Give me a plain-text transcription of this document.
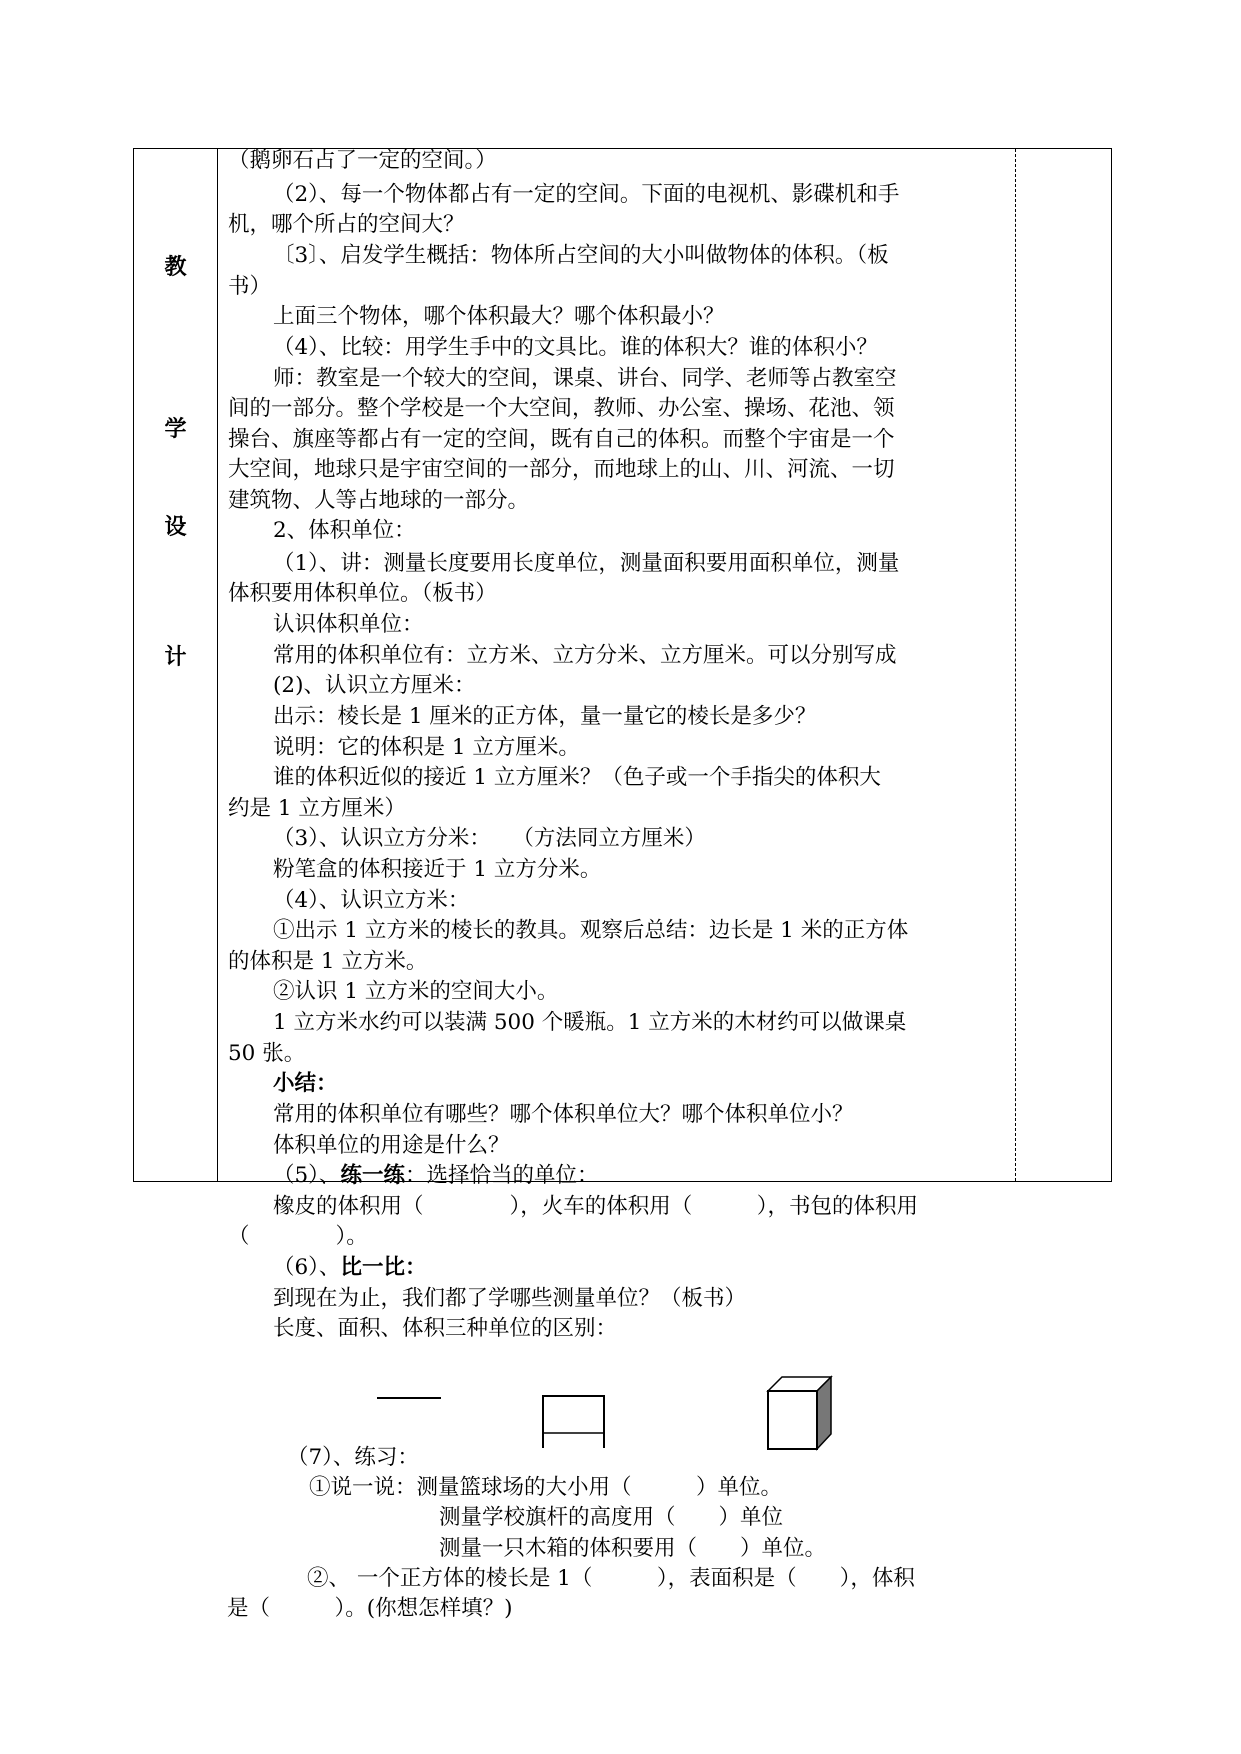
教
学
设
计
（鹅卵石占了一定的空间。）
（2）、每一个物体都占有一定的空间。下面的电视机、影碟机和手
机，哪个所占的空间大？
〔3〕、启发学生概括：物体所占空间的大小叫做物体的体积。（板
书）
上面三个物体，哪个体积最大？哪个体积最小？
（4）、比较：用学生手中的文具比。谁的体积大？谁的体积小？
师：教室是一个较大的空间，课桌、讲台、同学、老师等占教室空
间的一部分。整个学校是一个大空间，教师、办公室、操场、花池、领
操台、旗座等都占有一定的空间，既有自己的体积。而整个宇宙是一个
大空间，地球只是宇宙空间的一部分，而地球上的山、川、河流、一切
建筑物、人等占地球的一部分。
2、体积单位：
（1）、讲：测量长度要用长度单位，测量面积要用面积单位，测量
体积要用体积单位。（板书）
认识体积单位：
常用的体积单位有：立方米、立方分米、立方厘米。可以分别写成
(2)、认识立方厘米：
出示：棱长是 1 厘米的正方体，量一量它的棱长是多少？
说明：它的体积是 1 立方厘米。
谁的体积近似的接近 1 立方厘米？（色子或一个手指尖的体积大
约是 1 立方厘米）
（3）、认识立方分米：　　（方法同立方厘米）
粉笔盒的体积接近于 1 立方分米。
（4）、认识立方米：
①出示 1 立方米的棱长的教具。观察后总结：边长是 1 米的正方体
的体积是 1 立方米。
②认识 1 立方米的空间大小。
1 立方米水约可以装满 500 个暖瓶。1 立方米的木材约可以做课桌
50 张。
小结：
常用的体积单位有哪些？哪个体积单位大？哪个体积单位小？
体积单位的用途是什么？
（5）、练一练：选择恰当的单位：
橡皮的体积用（　　　　），火车的体积用（　　　），书包的体积用
（　　　　）。
（6）、比一比：
到现在为止，我们都了学哪些测量单位？（板书）
长度、面积、体积三种单位的区别：
（7）、练习：
①说一说：测量篮球场的大小用（　　　）单位。
测量学校旗杆的高度用（　　）单位
测量一只木箱的体积要用（　　）单位。
②、 一个正方体的棱长是 1（　　　），表面积是（　　），体积
是（　　　）。(你想怎样填？)
